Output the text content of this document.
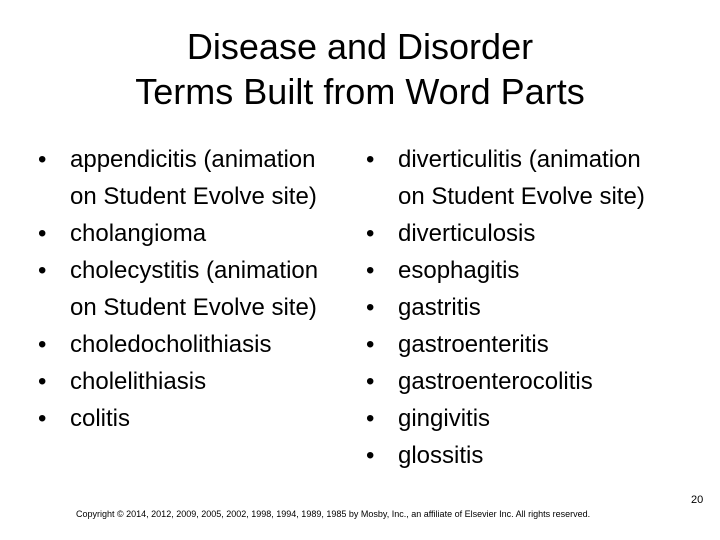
Disease and Disorder
Terms Built from Word Parts
• appendicitis (animation
on Student Evolve site)
• cholangioma
• cholecystitis (animation
on Student Evolve site)
• choledocholithiasis
• cholelithiasis
• colitis
• diverticulitis (animation
on Student Evolve site)
• diverticulosis
• esophagitis
• gastritis
• gastroenteritis
• gastroenterocolitis
• gingivitis
• glossitis
Copyright © 2014, 2012, 2009, 2005, 2002, 1998, 1994, 1989, 1985 by Mosby, Inc., an affiliate of Elsevier Inc. All rights reserved.
20
